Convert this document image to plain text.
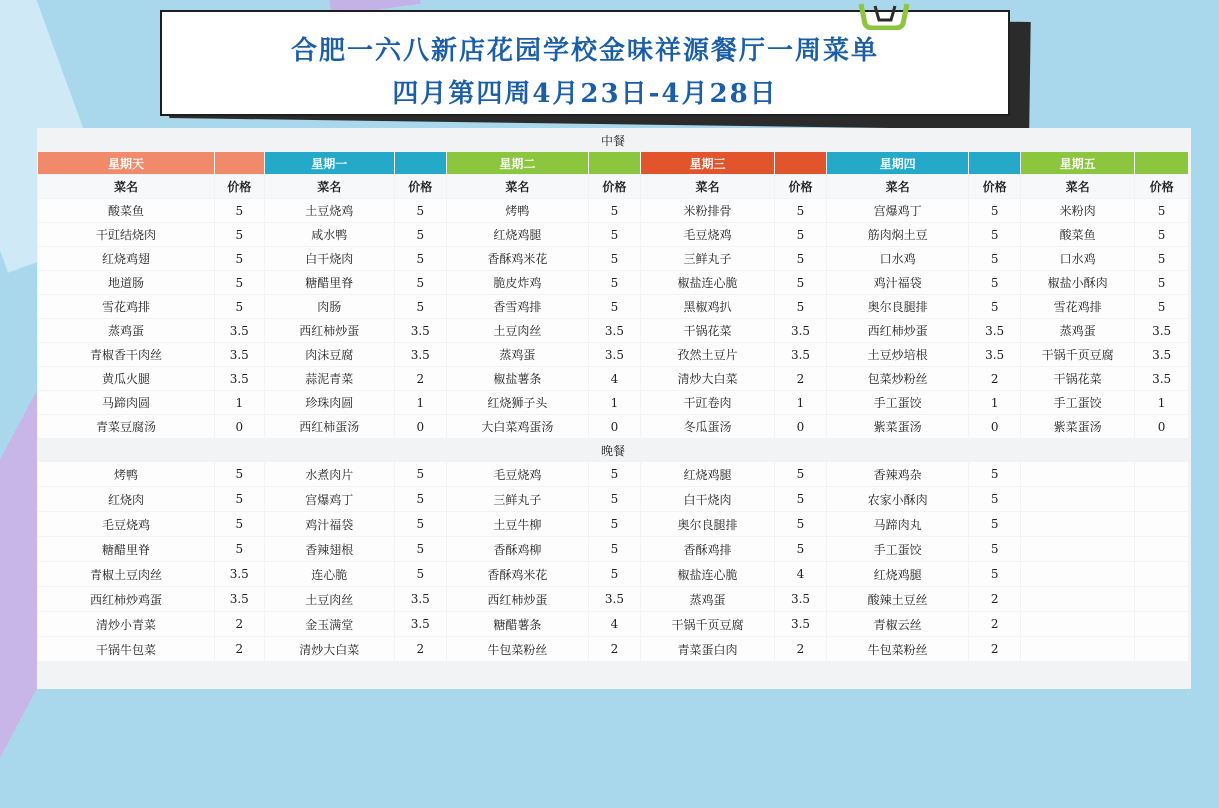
合肥一六八新店花园学校金味祥源餐厅一周菜单
四月第四周4月23日-4月28日
中餐											
星期天		星期一		星期二		星期三		星期四		星期五	
菜名	价格	菜名	价格	菜名	价格	菜名	价格	菜名	价格	菜名	价格
酸菜鱼	5	土豆烧鸡	5	烤鸭	5	米粉排骨	5	宫爆鸡丁	5	米粉肉	5
干豇结烧肉	5	咸水鸭	5	红烧鸡腿	5	毛豆烧鸡	5	筋肉焖土豆	5	酸菜鱼	5
红烧鸡翅	5	白干烧肉	5	香酥鸡米花	5	三鲜丸子	5	口水鸡	5	口水鸡	5
地道肠	5	糖醋里脊	5	脆皮炸鸡	5	椒盐连心脆	5	鸡汁福袋	5	椒盐小酥肉	5
雪花鸡排	5	肉肠	5	香雪鸡排	5	黑椒鸡扒	5	奥尔良腿排	5	雪花鸡排	5
蒸鸡蛋	3.5	西红柿炒蛋	3.5	土豆肉丝	3.5	干锅花菜	3.5	西红柿炒蛋	3.5	蒸鸡蛋	3.5
青椒香干肉丝	3.5	肉沫豆腐	3.5	蒸鸡蛋	3.5	孜然土豆片	3.5	土豆炒培根	3.5	干锅千页豆腐	3.5
黄瓜火腿	3.5	蒜泥青菜	2	椒盐薯条	4	清炒大白菜	2	包菜炒粉丝	2	干锅花菜	3.5
马蹄肉圆	1	珍珠肉圆	1	红烧狮子头	1	干豇卷肉	1	手工蛋饺	1	手工蛋饺	1
青菜豆腐汤	0	西红柿蛋汤	0	大白菜鸡蛋汤	0	冬瓜蛋汤	0	紫菜蛋汤	0	紫菜蛋汤	0
晚餐											
烤鸭	5	水煮肉片	5	毛豆烧鸡	5	红烧鸡腿	5	香辣鸡杂	5		
红烧肉	5	宫爆鸡丁	5	三鲜丸子	5	白干烧肉	5	农家小酥肉	5		
毛豆烧鸡	5	鸡汁福袋	5	土豆牛柳	5	奥尔良腿排	5	马蹄肉丸	5		
糖醋里脊	5	香辣翅根	5	香酥鸡柳	5	香酥鸡排	5	手工蛋饺	5		
青椒土豆肉丝	3.5	连心脆	5	香酥鸡米花	5	椒盐连心脆	4	红烧鸡腿	5		
西红柿炒鸡蛋	3.5	土豆肉丝	3.5	西红柿炒蛋	3.5	蒸鸡蛋	3.5	酸辣土豆丝	2		
清炒小青菜	2	金玉满堂	3.5	糖醋薯条	4	干锅千页豆腐	3.5	青椒云丝	2		
干锅牛包菜	2	清炒大白菜	2	牛包菜粉丝	2	青菜蛋白肉	2	牛包菜粉丝	2		
